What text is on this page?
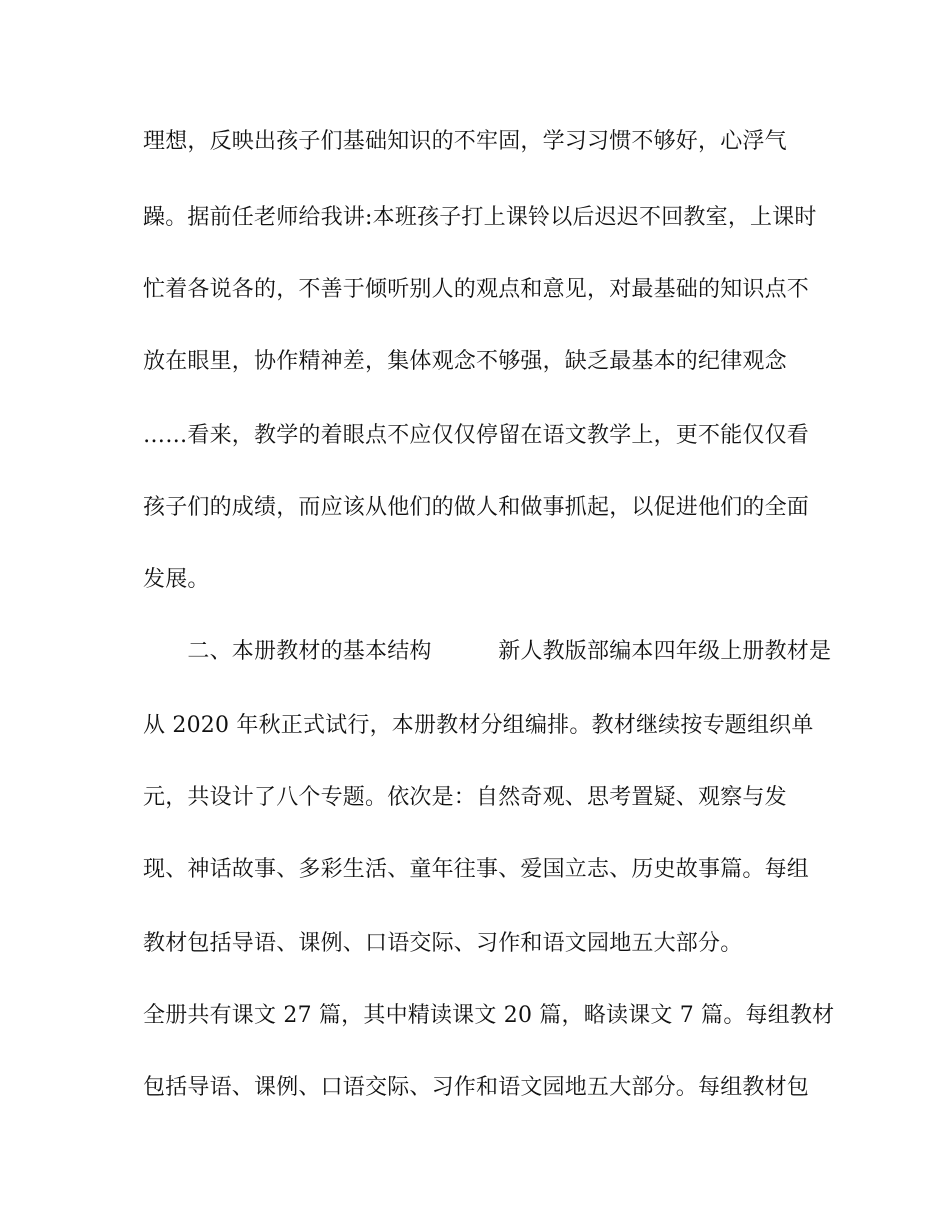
理想，反映出孩子们基础知识的不牢固，学习习惯不够好，心浮气
躁。据前任老师给我讲:本班孩子打上课铃以后迟迟不回教室，上课时
忙着各说各的，不善于倾听别人的观点和意见，对最基础的知识点不
放在眼里，协作精神差，集体观念不够强，缺乏最基本的纪律观念
……看来，教学的着眼点不应仅仅停留在语文教学上，更不能仅仅看
孩子们的成绩，而应该从他们的做人和做事抓起，以促进他们的全面
发展。
　　二、本册教材的基本结构　　　新人教版部编本四年级上册教材是
从 2020 年秋正式试行，本册教材分组编排。教材继续按专题组织单
元，共设计了八个专题。依次是：自然奇观、思考置疑、观察与发
现、神话故事、多彩生活、童年往事、爱国立志、历史故事篇。每组
教材包括导语、课例、口语交际、习作和语文园地五大部分。
全册共有课文 27 篇，其中精读课文 20 篇，略读课文 7 篇。每组教材
包括导语、课例、口语交际、习作和语文园地五大部分。每组教材包
